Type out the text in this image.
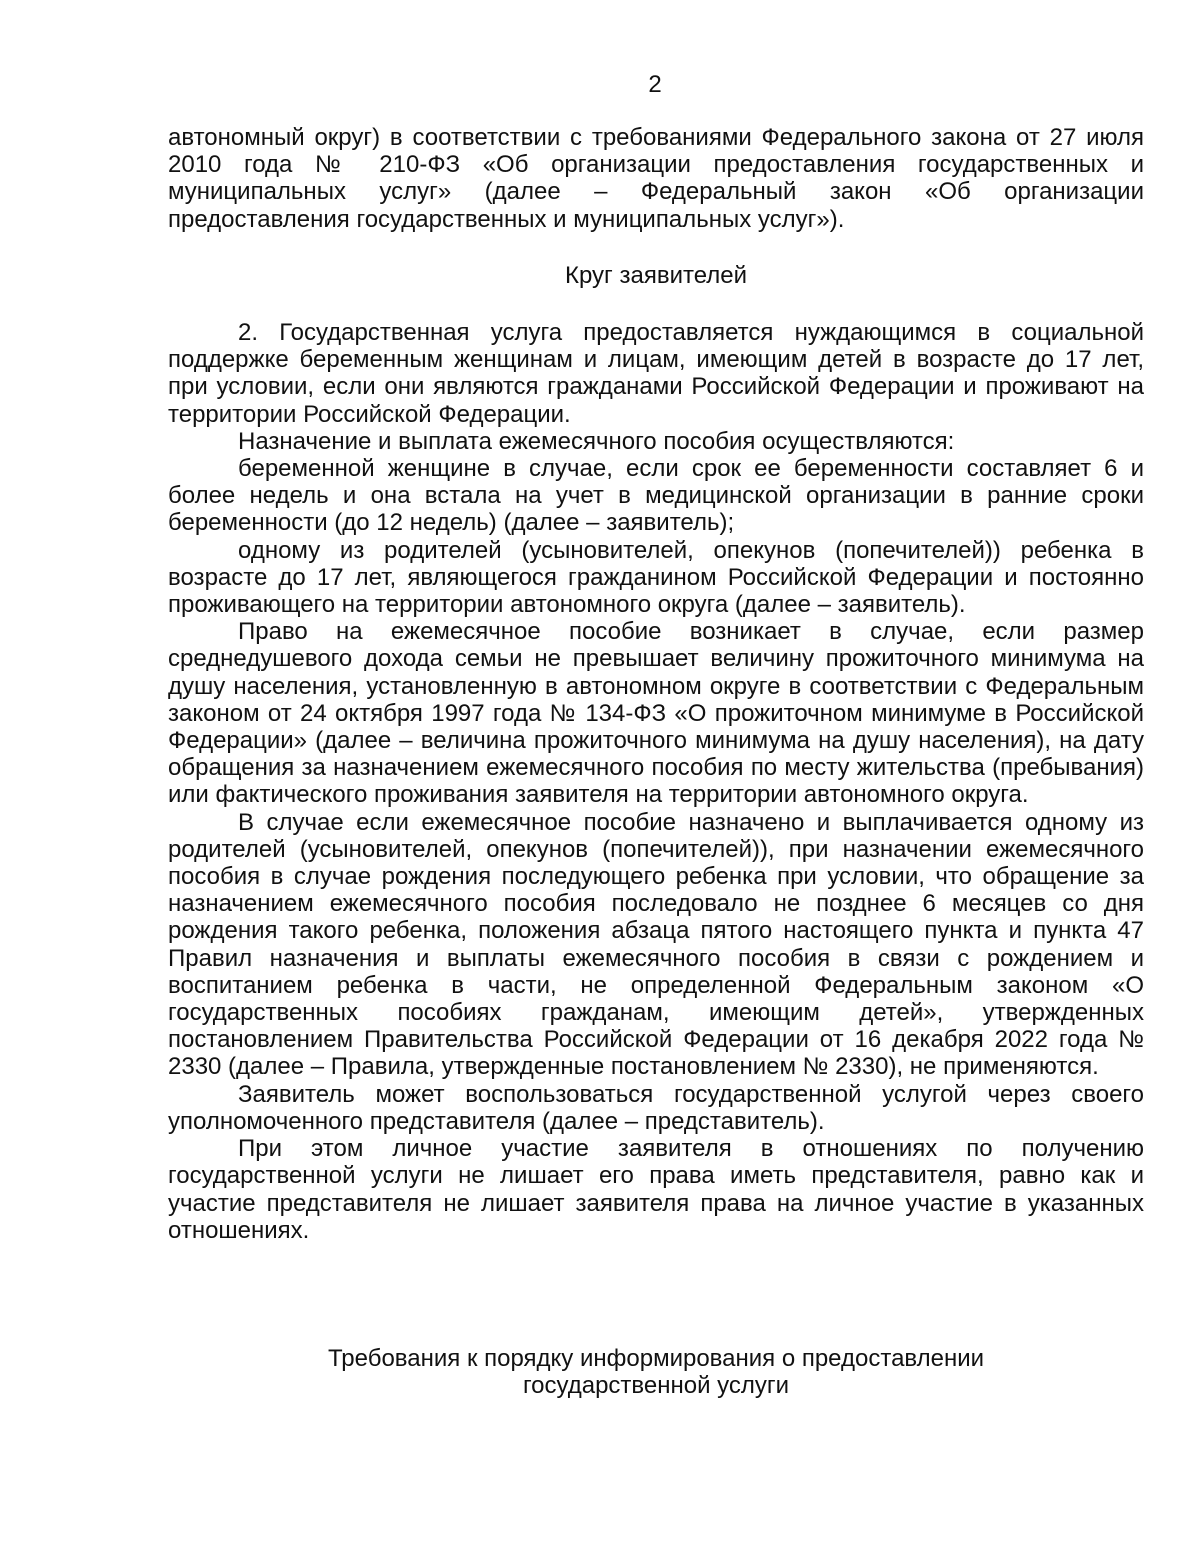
2

автономный округ) в соответствии с требованиями Федерального закона от 27 июля 2010 года № 210-ФЗ «Об организации предоставления государственных и муниципальных услуг» (далее – Федеральный закон «Об организации предоставления государственных и муниципальных услуг»).

Круг заявителей

2. Государственная услуга предоставляется нуждающимся в социальной поддержке беременным женщинам и лицам, имеющим детей в возрасте до 17 лет, при условии, если они являются гражданами Российской Федерации и проживают на территории Российской Федерации.

Назначение и выплата ежемесячного пособия осуществляются:

беременной женщине в случае, если срок ее беременности составляет 6 и более недель и она встала на учет в медицинской организации в ранние сроки беременности (до 12 недель) (далее – заявитель);

одному из родителей (усыновителей, опекунов (попечителей)) ребенка в возрасте до 17 лет, являющегося гражданином Российской Федерации и постоянно проживающего на территории автономного округа (далее – заявитель).

Право на ежемесячное пособие возникает в случае, если размер среднедушевого дохода семьи не превышает величину прожиточного минимума на душу населения, установленную в автономном округе в соответствии с Федеральным законом от 24 октября 1997 года № 134-ФЗ «О прожиточном минимуме в Российской Федерации» (далее – величина прожиточного минимума на душу населения), на дату обращения за назначением ежемесячного пособия по месту жительства (пребывания) или фактического проживания заявителя на территории автономного округа.

В случае если ежемесячное пособие назначено и выплачивается одному из родителей (усыновителей, опекунов (попечителей)), при назначении ежемесячного пособия в случае рождения последующего ребенка при условии, что обращение за назначением ежемесячного пособия последовало не позднее 6 месяцев со дня рождения такого ребенка, положения абзаца пятого настоящего пункта и пункта 47 Правил назначения и выплаты ежемесячного пособия в связи с рождением и воспитанием ребенка в части, не определенной Федеральным законом «О государственных пособиях гражданам, имеющим детей», утвержденных постановлением Правительства Российской Федерации от 16 декабря 2022 года № 2330 (далее – Правила, утвержденные постановлением № 2330), не применяются.

Заявитель может воспользоваться государственной услугой через своего уполномоченного представителя (далее – представитель).

При этом личное участие заявителя в отношениях по получению государственной услуги не лишает его права иметь представителя, равно как и участие представителя не лишает заявителя права на личное участие в указанных отношениях.

Требования к порядку информирования о предоставлении
государственной услуги
